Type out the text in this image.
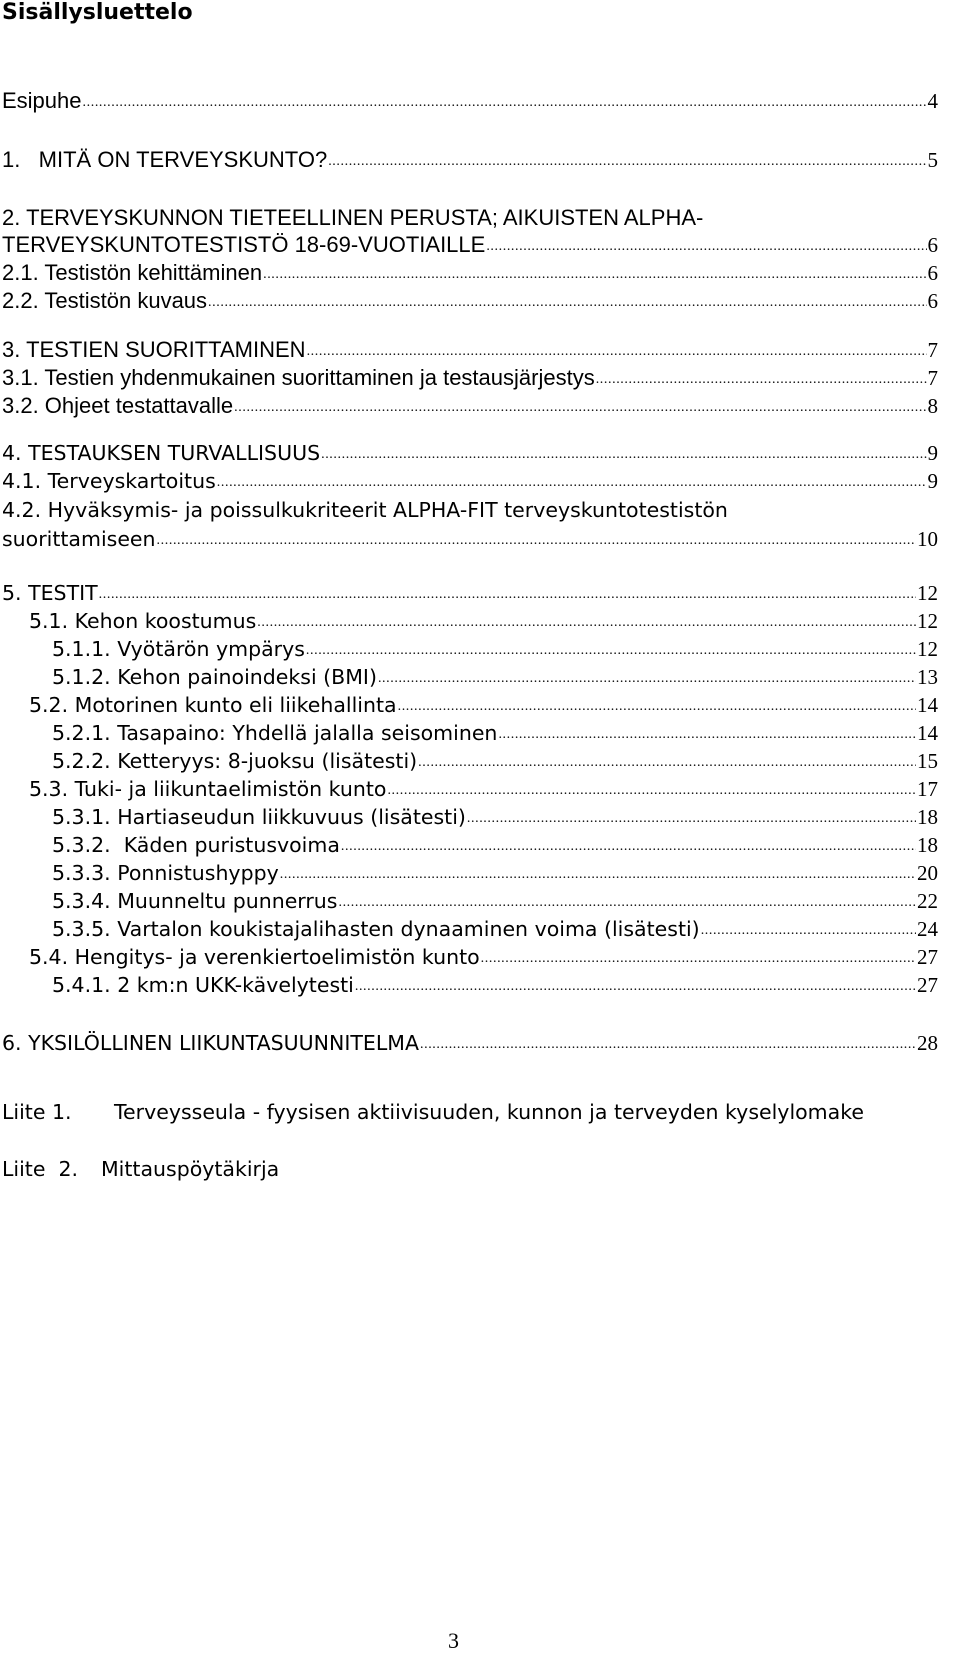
Sisällysluettelo
Esipuhe .....	4
1.   MITÄ ON TERVEYSKUNTO? .....	5
2. TERVEYSKUNNON TIETEELLINEN PERUSTA; AIKUISTEN ALPHA-
TERVEYSKUNTOTESTISTÖ 18-69-VUOTIAILLE .....	6
2.1. Testistön kehittäminen .....	6
2.2. Testistön kuvaus .....	6
3. TESTIEN SUORITTAMINEN .....	7
3.1. Testien yhdenmukainen suorittaminen ja testausjärjestys .....	7
3.2. Ohjeet testattavalle .....	8
4. TESTAUKSEN TURVALLISUUS .....	9
4.1. Terveyskartoitus .....	9
4.2. Hyväksymis- ja poissulkukriteerit ALPHA-FIT terveyskuntotestistön
suorittamiseen .....	10
5. TESTIT .....	12
5.1. Kehon koostumus .....	12
5.1.1. Vyötärön ympärys .....	12
5.1.2. Kehon painoindeksi (BMI) .....	13
5.2. Motorinen kunto eli liikehallinta .....	14
5.2.1. Tasapaino: Yhdellä jalalla seisominen .....	14
5.2.2. Ketteryys: 8-juoksu (lisätesti) .....	15
5.3. Tuki- ja liikuntaelimistön kunto .....	17
5.3.1. Hartiaseudun liikkuvuus (lisätesti) .....	18
5.3.2.  Käden puristusvoima .....	18
5.3.3. Ponnistushyppy .....	20
5.3.4. Muunneltu punnerrus .....	22
5.3.5. Vartalon koukistajalihasten dynaaminen voima (lisätesti) .....	24
5.4. Hengitys- ja verenkiertoelimistön kunto .....	27
5.4.1. 2 km:n UKK-kävelytesti .....	27
6. YKSILÖLLINEN LIIKUNTASUUNNITELMA .....	28
Liite 1. Terveysseula - fyysisen aktiivisuuden, kunnon ja terveyden kyselylomake
Liite  2. Mittauspöytäkirja
3
